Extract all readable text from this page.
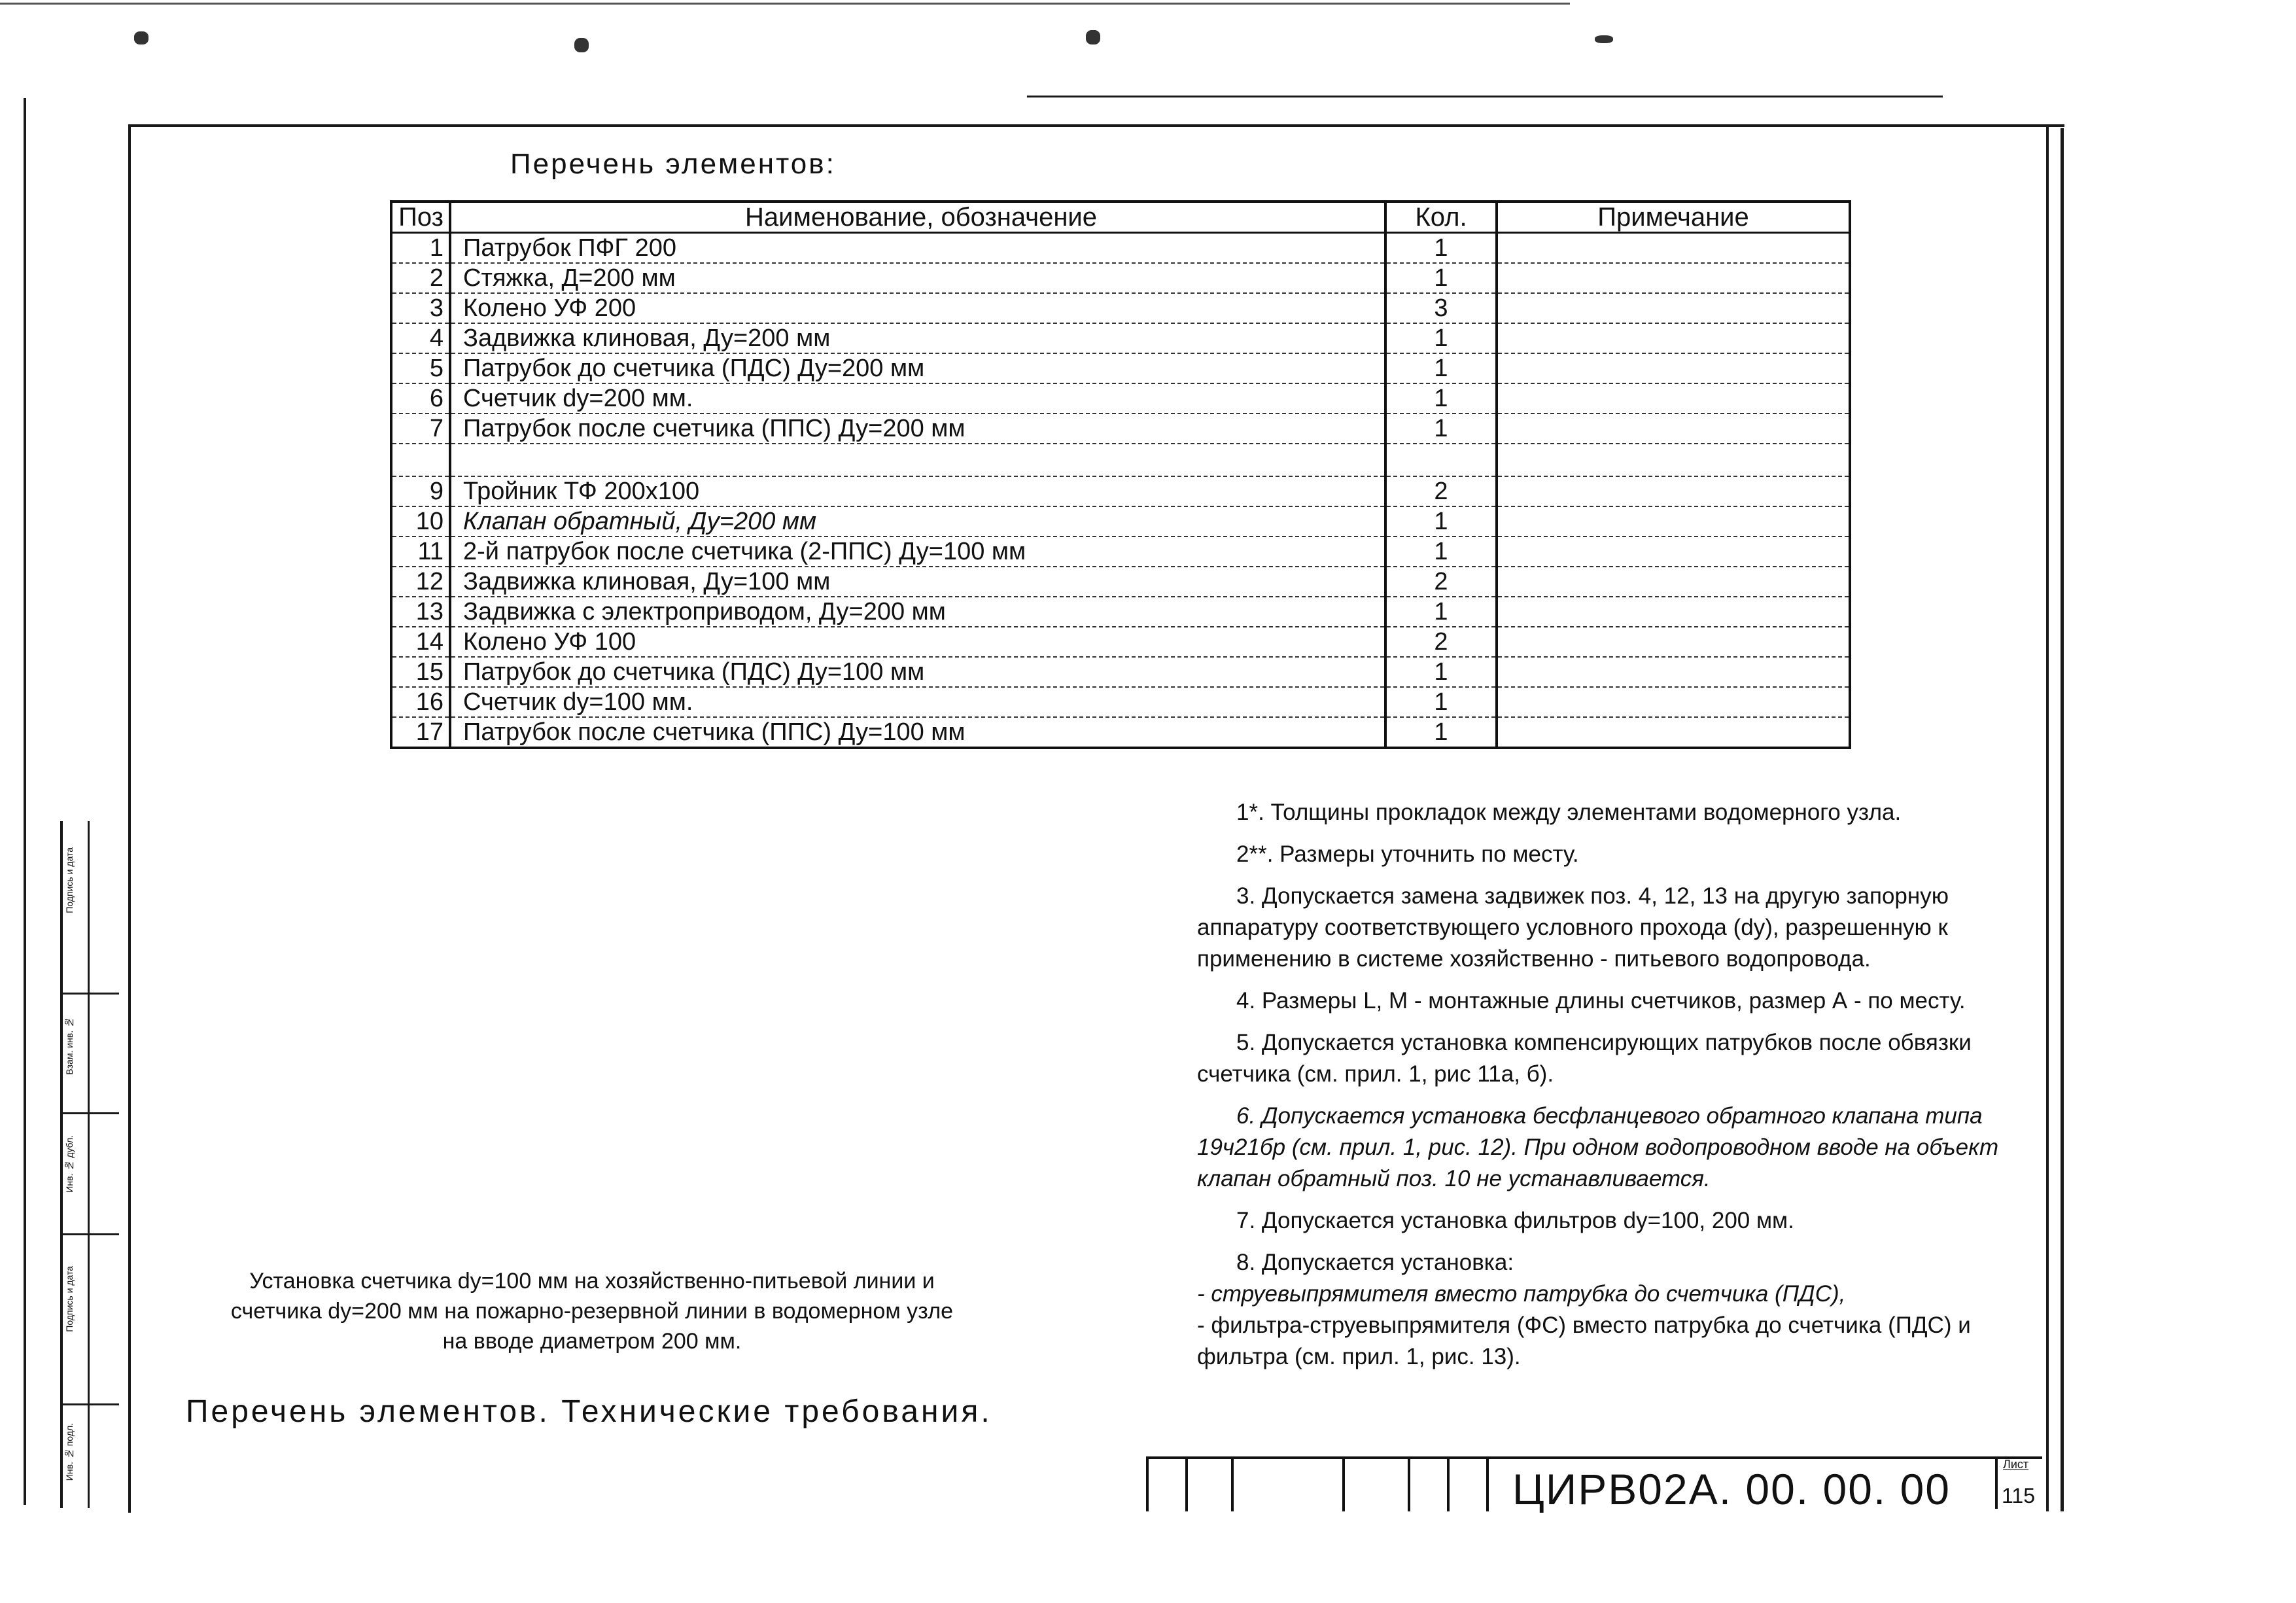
Перечень элементов:
Поз	Наименование, обозначение	Кол.	Примечание
1	Патрубок ПФГ 200	1	
2	Стяжка, Д=200 мм	1	
3	Колено УФ 200	3	
4	Задвижка клиновая, Ду=200 мм	1	
5	Патрубок до счетчика (ПДС) Ду=200 мм	1	
6	Счетчик dy=200 мм.	1	
7	Патрубок после счетчика (ППС) Ду=200 мм	1	

9	Тройник ТФ 200х100	2	
10	Клапан обратный, Ду=200 мм	1	
11	2-й патрубок после счетчика (2-ППС) Ду=100 мм	1	
12	Задвижка клиновая, Ду=100 мм	2	
13	Задвижка с электроприводом, Ду=200 мм	1	
14	Колено УФ 100	2	
15	Патрубок до счетчика (ПДС) Ду=100 мм	1	
16	Счетчик dy=100 мм.	1	
17	Патрубок после счетчика (ППС) Ду=100 мм	1	

1*. Толщины прокладок между элементами водомерного узла.

2**. Размеры уточнить по месту.

3. Допускается замена задвижек поз. 4, 12, 13 на другую запорную аппаратуру соответствующего условного прохода (dy), разрешенную к применению в системе хозяйственно - питьевого водопровода.

4. Размеры L, M - монтажные длины счетчиков, размер А - по месту.

5. Допускается установка компенсирующих патрубков после обвязки счетчика (см. прил. 1, рис 11а, б).

6. Допускается установка бесфланцевого обратного клапана типа 19ч21бр (см. прил. 1, рис. 12). При одном водопроводном вводе на объект клапан обратный поз. 10 не устанавливается.

7. Допускается установка фильтров dy=100, 200 мм.

8. Допускается установка:

- струевыпрямителя вместо патрубка до счетчика (ПДС),

- фильтра-струевыпрямителя (ФС) вместо патрубка до счетчика (ПДС) и фильтра (см. прил. 1, рис. 13).

Установка счетчика dy=100 мм на хозяйственно-питьевой линии и счетчика dy=200 мм на пожарно-резервной линии в водомерном узле на вводе диаметром 200 мм.
Перечень элементов. Технические требования.
ЦИРВ02А. 00. 00. 00
Лист
115
Подпись и дата
Взам. инв. №
Инв. № дубл.
Подпись и дата
Инв. № подл.
